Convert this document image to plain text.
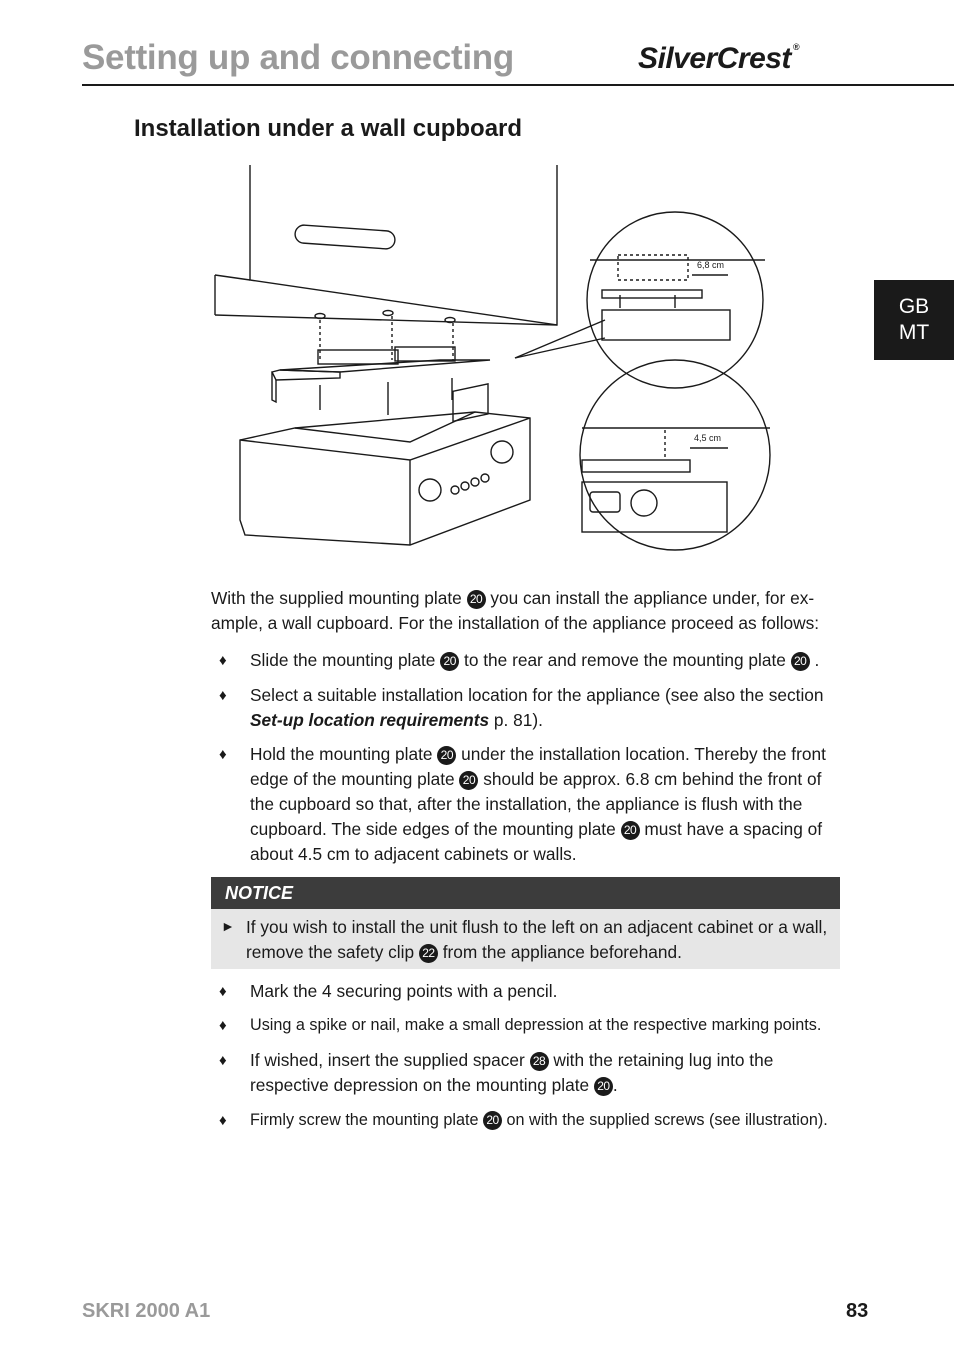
Setting up and connecting	SilverCrest ®
Installation under a wall cupboard
GB
MT
6,8 cm
4,5 cm
With the supplied mounting plate 20 you can install the appliance under, for ex-ample, a wall cupboard. For the installation of the appliance proceed as follows:
♦ Slide the mounting plate 20 to the rear and remove the mounting plate 20 .
♦ Select a suitable installation location for the appliance (see also the section Set-up location requirements p. 81).
♦ Hold the mounting plate 20 under the installation location. Thereby the front edge of the mounting plate 20 should be approx. 6.8 cm behind the front of the cupboard so that, after the installation, the appliance is flush with the cupboard. The side edges of the mounting plate 20 must have a spacing of about 4.5 cm to adjacent cabinets or walls.
NOTICE
► If you wish to install the unit flush to the left on an adjacent cabinet or a wall, remove the safety clip 22 from the appliance beforehand.
♦ Mark the 4 securing points with a pencil.
♦ Using a spike or nail, make a small depression at the respective marking points.
♦ If wished, insert the supplied spacer 28 with the retaining lug into the respective depression on the mounting plate 20 .
♦ Firmly screw the mounting plate 20 on with the supplied screws (see illustration).
SKRI 2000 A1	83
